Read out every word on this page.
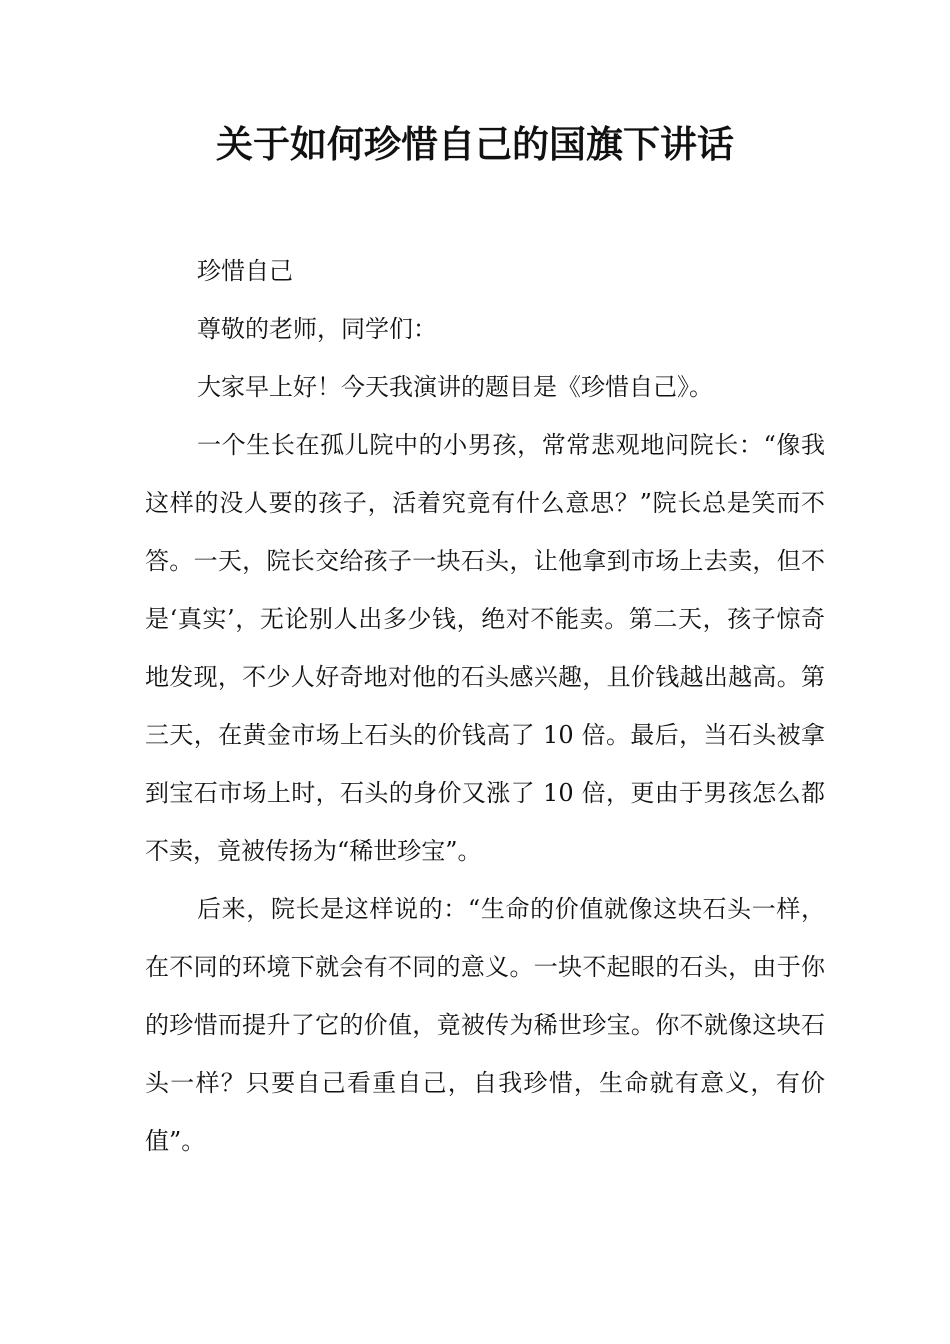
关于如何珍惜自己的国旗下讲话

珍惜自己

尊敬的老师，同学们：

大家早上好！今天我演讲的题目是《珍惜自己》。

一个生长在孤儿院中的小男孩，常常悲观地问院长：“像我这样的没人要的孩子，活着究竟有什么意思？”院长总是笑而不答。一天，院长交给孩子一块石头，让他拿到市场上去卖，但不是‘真实’，无论别人出多少钱，绝对不能卖。第二天，孩子惊奇地发现，不少人好奇地对他的石头感兴趣，且价钱越出越高。第三天，在黄金市场上石头的价钱高了 10 倍。最后，当石头被拿到宝石市场上时，石头的身价又涨了 10 倍，更由于男孩怎么都不卖，竟被传扬为“稀世珍宝”。

后来，院长是这样说的：“生命的价值就像这块石头一样，在不同的环境下就会有不同的意义。一块不起眼的石头，由于你的珍惜而提升了它的价值，竟被传为稀世珍宝。你不就像这块石头一样？只要自己看重自己，自我珍惜，生命就有意义，有价值”。
